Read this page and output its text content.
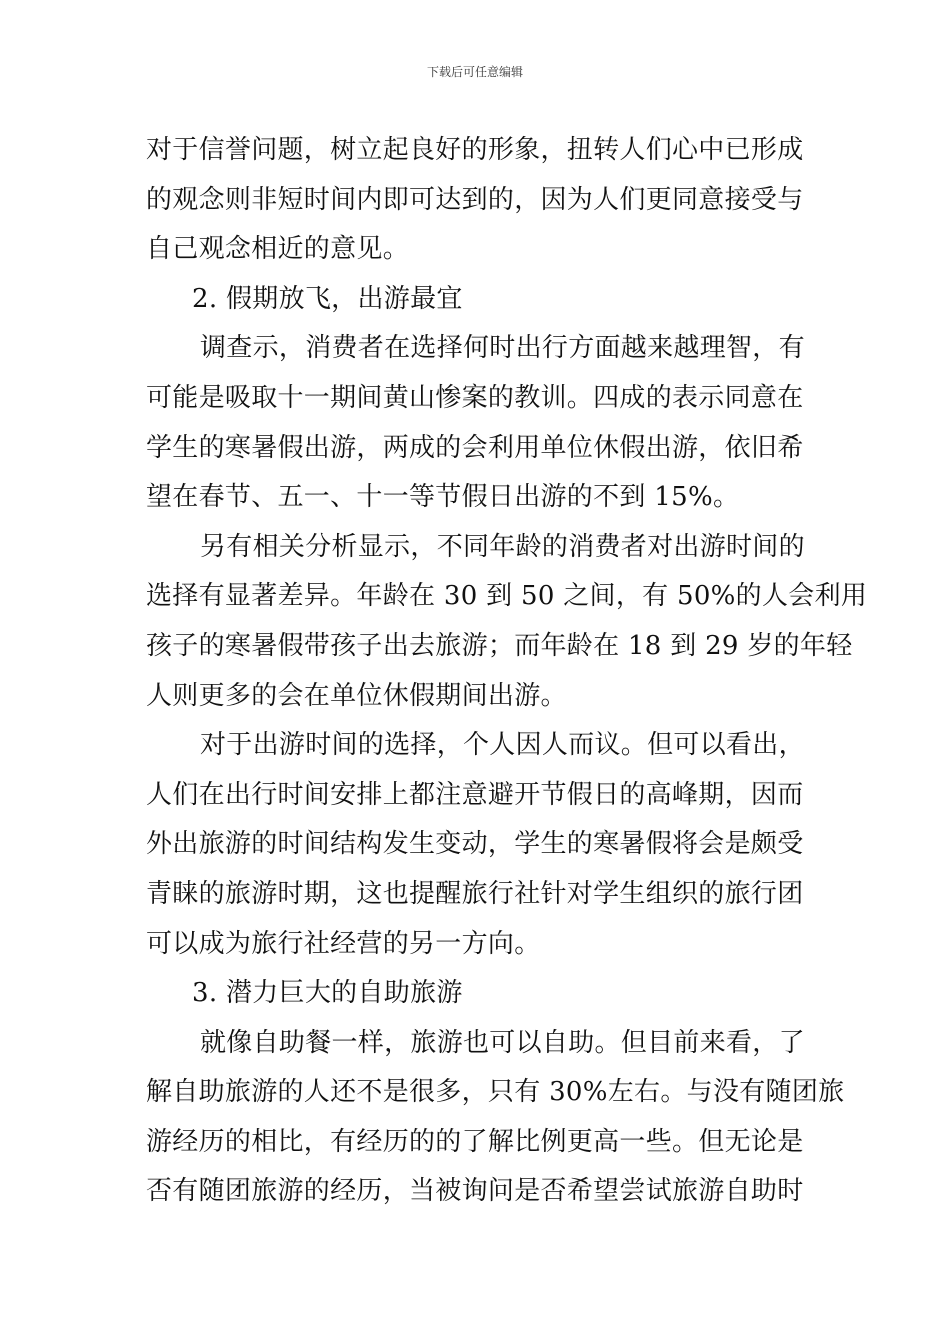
下载后可任意编辑
对于信誉问题，树立起良好的形象，扭转人们心中已形成
的观念则非短时间内即可达到的，因为人们更同意接受与
自己观念相近的意见。
2. 假期放飞，出游最宜
调查示，消费者在选择何时出行方面越来越理智，有
可能是吸取十一期间黄山惨案的教训。四成的表示同意在
学生的寒暑假出游，两成的会利用单位休假出游，依旧希
望在春节、五一、十一等节假日出游的不到 15%。
另有相关分析显示，不同年龄的消费者对出游时间的
选择有显著差异。年龄在 30 到 50 之间，有 50%的人会利用
孩子的寒暑假带孩子出去旅游；而年龄在 18 到 29 岁的年轻
人则更多的会在单位休假期间出游。
对于出游时间的选择，个人因人而议。但可以看出，
人们在出行时间安排上都注意避开节假日的高峰期，因而
外出旅游的时间结构发生变动，学生的寒暑假将会是颇受
青睐的旅游时期，这也提醒旅行社针对学生组织的旅行团
可以成为旅行社经营的另一方向。
3. 潜力巨大的自助旅游
就像自助餐一样，旅游也可以自助。但目前来看，了
解自助旅游的人还不是很多，只有 30%左右。与没有随团旅
游经历的相比，有经历的的了解比例更高一些。但无论是
否有随团旅游的经历，当被询问是否希望尝试旅游自助时
